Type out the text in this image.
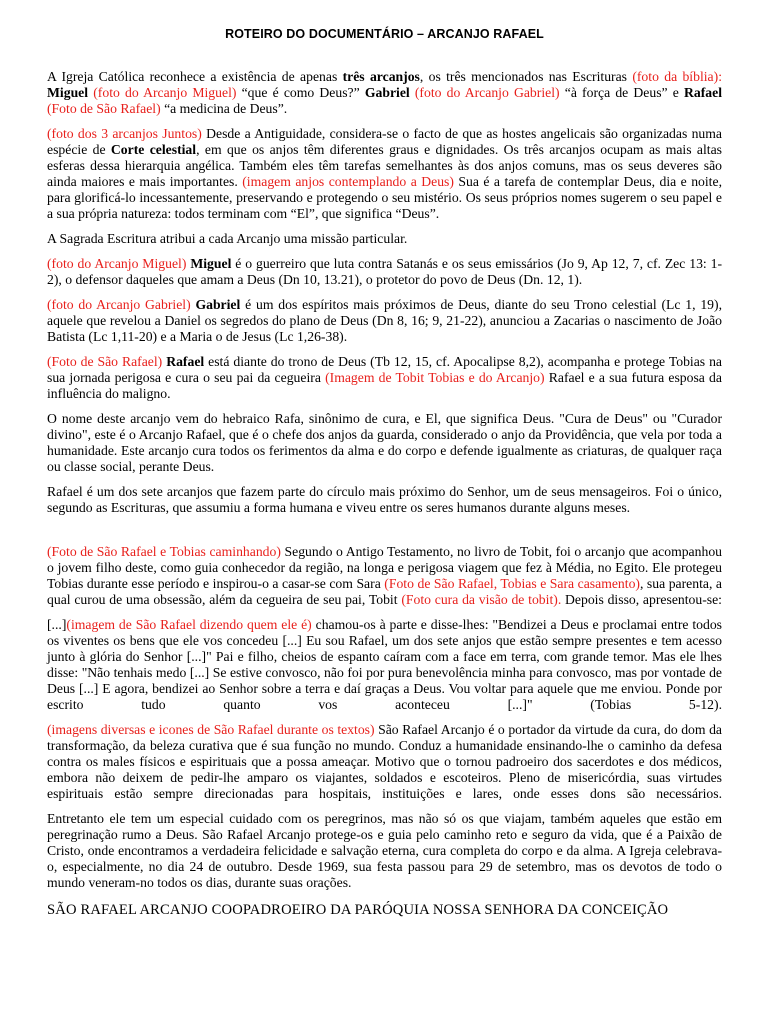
ROTEIRO DO DOCUMENTÁRIO – ARCANJO RAFAEL

A Igreja Católica reconhece a existência de apenas três arcanjos, os três mencionados nas Escrituras (foto da bíblia): Miguel (foto do Arcanjo Miguel) “que é como Deus?” Gabriel (foto do Arcanjo Gabriel) “à força de Deus” e Rafael (Foto de São Rafael) “a medicina de Deus”.

(foto dos 3 arcanjos Juntos) Desde a Antiguidade, considera-se o facto de que as hostes angelicais são organizadas numa espécie de Corte celestial, em que os anjos têm diferentes graus e dignidades. Os três arcanjos ocupam as mais altas esferas dessa hierarquia angélica. Também eles têm tarefas semelhantes às dos anjos comuns, mas os seus deveres são ainda maiores e mais importantes. (imagem anjos contemplando a Deus) Sua é a tarefa de contemplar Deus, dia e noite, para glorificá-lo incessantemente, preservando e protegendo o seu mistério. Os seus próprios nomes sugerem o seu papel e a sua própria natureza: todos terminam com “El”, que significa “Deus”.

A Sagrada Escritura atribui a cada Arcanjo uma missão particular.

(foto do Arcanjo Miguel) Miguel é o guerreiro que luta contra Satanás e os seus emissários (Jo 9, Ap 12, 7, cf. Zec 13: 1-2), o defensor daqueles que amam a Deus (Dn 10, 13.21), o protetor do povo de Deus (Dn. 12, 1).

(foto do Arcanjo Gabriel) Gabriel é um dos espíritos mais próximos de Deus, diante do seu Trono celestial (Lc 1, 19), aquele que revelou a Daniel os segredos do plano de Deus (Dn 8, 16; 9, 21-22), anunciou a Zacarias o nascimento de João Batista (Lc 1,11-20) e a Maria o de Jesus (Lc 1,26-38).

(Foto de São Rafael) Rafael está diante do trono de Deus (Tb 12, 15, cf. Apocalipse 8,2), acompanha e protege Tobias na sua jornada perigosa e cura o seu pai da cegueira (Imagem de Tobit Tobias e do Arcanjo) Rafael e a sua futura esposa da influência do maligno.

O nome deste arcanjo vem do hebraico Rafa, sinônimo de cura, e El, que significa Deus. "Cura de Deus" ou "Curador divino", este é o Arcanjo Rafael, que é o chefe dos anjos da guarda, considerado o anjo da Providência, que vela por toda a humanidade. Este arcanjo cura todos os ferimentos da alma e do corpo e defende igualmente as criaturas, de qualquer raça ou classe social, perante Deus.

Rafael é um dos sete arcanjos que fazem parte do círculo mais próximo do Senhor, um de seus mensageiros. Foi o único, segundo as Escrituras, que assumiu a forma humana e viveu entre os seres humanos durante alguns meses.

(Foto de São Rafael e Tobias caminhando) Segundo o Antigo Testamento, no livro de Tobit, foi o arcanjo que acompanhou o jovem filho deste, como guia conhecedor da região, na longa e perigosa viagem que fez à Média, no Egito. Ele protegeu Tobias durante esse período e inspirou-o a casar-se com Sara (Foto de São Rafael, Tobias e Sara casamento), sua parenta, a qual curou de uma obsessão, além da cegueira de seu pai, Tobit (Foto cura da visão de tobit). Depois disso, apresentou-se:

[...](imagem de São Rafael dizendo quem ele é) chamou-os à parte e disse-lhes: "Bendizei a Deus e proclamai entre todos os viventes os bens que ele vos concedeu [...] Eu sou Rafael, um dos sete anjos que estão sempre presentes e tem acesso junto à glória do Senhor [...]" Pai e filho, cheios de espanto caíram com a face em terra, com grande temor. Mas ele lhes disse: "Não tenhais medo [...] Se estive convosco, não foi por pura benevolência minha para convosco, mas por vontade de Deus [...] E agora, bendizei ao Senhor sobre a terra e daí graças a Deus. Vou voltar para aquele que me enviou. Ponde por escrito tudo quanto vos aconteceu [...]" (Tobias 5-12).

(imagens diversas e icones de São Rafael durante os textos) São Rafael Arcanjo é o portador da virtude da cura, do dom da transformação, da beleza curativa que é sua função no mundo. Conduz a humanidade ensinando-lhe o caminho da defesa contra os males físicos e espirituais que a possa ameaçar. Motivo que o tornou padroeiro dos sacerdotes e dos médicos, embora não deixem de pedir-lhe amparo os viajantes, soldados e escoteiros. Pleno de misericórdia, suas virtudes espirituais estão sempre direcionadas para hospitais, instituições e lares, onde esses dons são necessários.

Entretanto ele tem um especial cuidado com os peregrinos, mas não só os que viajam, também aqueles que estão em peregrinação rumo a Deus. São Rafael Arcanjo protege-os e guia pelo caminho reto e seguro da vida, que é a Paixão de Cristo, onde encontramos a verdadeira felicidade e salvação eterna, cura completa do corpo e da alma. A Igreja celebrava-o, especialmente, no dia 24 de outubro. Desde 1969, sua festa passou para 29 de setembro, mas os devotos de todo o mundo veneram-no todos os dias, durante suas orações.

SÃO RAFAEL ARCANJO COOPADROEIRO DA PARÓQUIA NOSSA SENHORA DA CONCEIÇÃO
